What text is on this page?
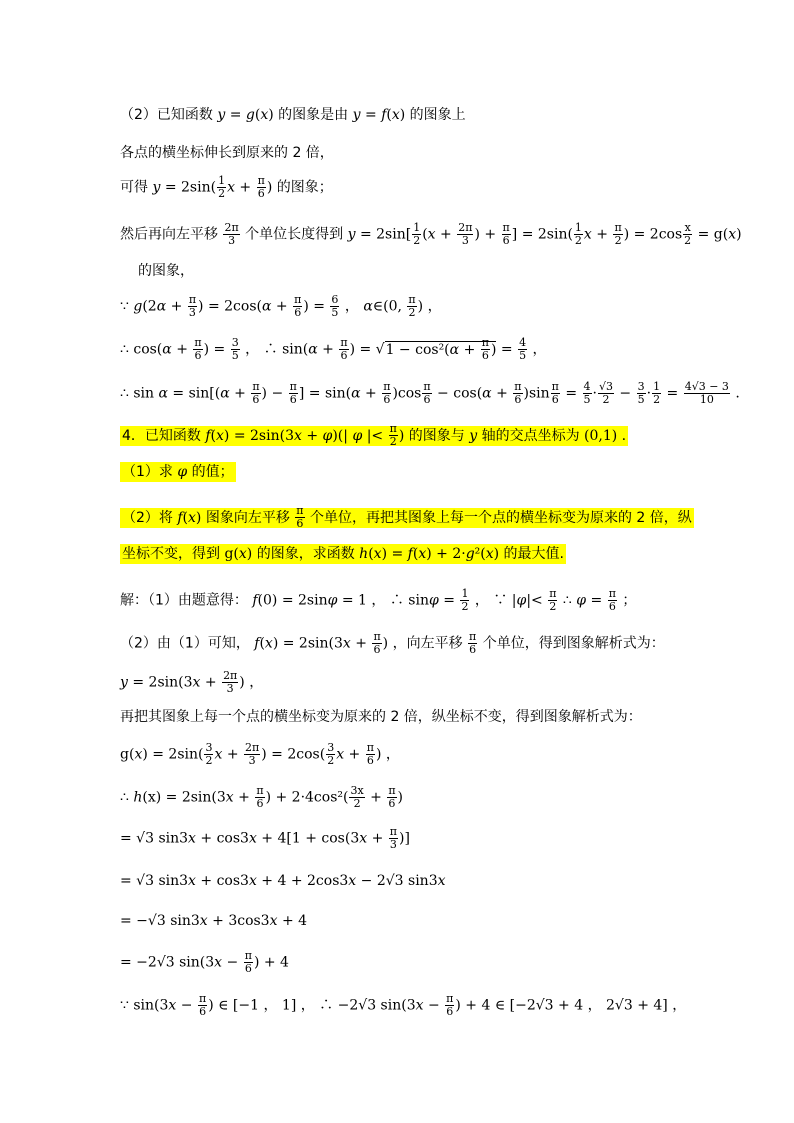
（2）已知函数 y = g(x) 的图象是由 y = f(x) 的图象上
各点的横坐标伸长到原来的 2 倍，
可得 $y = 2\sin( \frac{1}{2}$ $x + \frac{\pi}{6}$ ) 的图象；
然后再向左平移 $\frac{2\pi}{3}$ 个单位长度得到 $y = 2\sin[ \frac{1}{2} (x + \frac{2\pi}{3}$ ) + $\frac{\pi}{6}$ ] = $2\sin( \frac{1}{2}$ $x + \frac{\pi}{2}$ ) = $2\cos \frac{x}{2} = g(x)$
的图象，
∵ $g(2\alpha + \frac{\pi}{3}$ ) = $2\cos(\alpha + \frac{\pi}{6}$ ) = $\frac{6}{5}$ ， α∈(0, $\frac{\pi}{2}$ ) ，
∴ $\cos(\alpha + \frac{\pi}{6}$ ) = $\frac{3}{5}$ ， ∴ $\sin(\alpha + \frac{\pi}{6}$ ) = $√1 - \cos^2(\alpha + \frac{\pi}{6}$ ) = $\frac{4}{5}$ ，
∴ $\sin \alpha = \sin[(\alpha + \frac{\pi}{6}$ ) − $\frac{\pi}{6}$ ] = $\sin(\alpha + \frac{\pi}{6} )\cos \frac{\pi}{6} - \cos(\alpha + \frac{\pi}{6} )\sin \frac{\pi}{6} = \frac{4}{5} \cdot \frac{√3}{2} - \frac{3}{5} \cdot \frac{1}{2} = \frac{4√3 - 3}{10}$ .
4．已知函数 f(x) = 2sin(3x + φ)(| φ |< $\frac{\pi}{2}$ ) 的图象与 y 轴的交点坐标为 (0,1) .
（1）求 φ 的值；
（2）将 f(x) 图象向左平移 $\frac{\pi}{6}$ 个单位，再把其图象上每一个点的横坐标变为原来的 2 倍，纵
坐标不变，得到 g(x) 的图象，求函数 h(x) = f(x) + 2·g²(x) 的最大值.
解：（1）由题意得： f(0) = 2sinφ = 1 ， ∴ $\sin\varphi = \frac{1}{2}$ ， ∵ $|\varphi|< \frac{\pi}{2}$ ∴ $\varphi = \frac{\pi}{6}$ ；
（2）由（1）可知， $f(x) = 2\sin(3x + \frac{\pi}{6}$ ) ，向左平移 $\frac{\pi}{6}$ 个单位，得到图象解析式为：
$y = 2\sin(3x + \frac{2\pi}{3}$ ) ，
再把其图象上每一个点的横坐标变为原来的 2 倍，纵坐标不变，得到图象解析式为：
$g(x) = 2\sin( \frac{3}{2}$ $x + \frac{2\pi}{3}$ ) = $2\cos( \frac{3}{2}$ $x + \frac{\pi}{6}$ ) ，
∴ $h(x) = 2\sin(3x + \frac{\pi}{6}$ ) + $2\cdot 4\cos^2( \frac{3x}{2} + \frac{\pi}{6}$ )
= √3 $\sin 3x + \cos 3x + 4[1 + \cos(3x + \frac{\pi}{3}$ )]
= √3 sin3x + cos3x + 4 + 2cos3x − 2√3 sin3x
= −√3 sin3x + 3cos3x + 4
= −2√3 $\sin(3x - \frac{\pi}{6}$ ) + 4
∵ $\sin(3x - \frac{\pi}{6}$ ) ∈ [−1 ， 1] ， ∴ −2√3 $\sin(3x - \frac{\pi}{6}$ ) + 4 ∈ [−2√3 + 4 ， 2√3 + 4] ，
